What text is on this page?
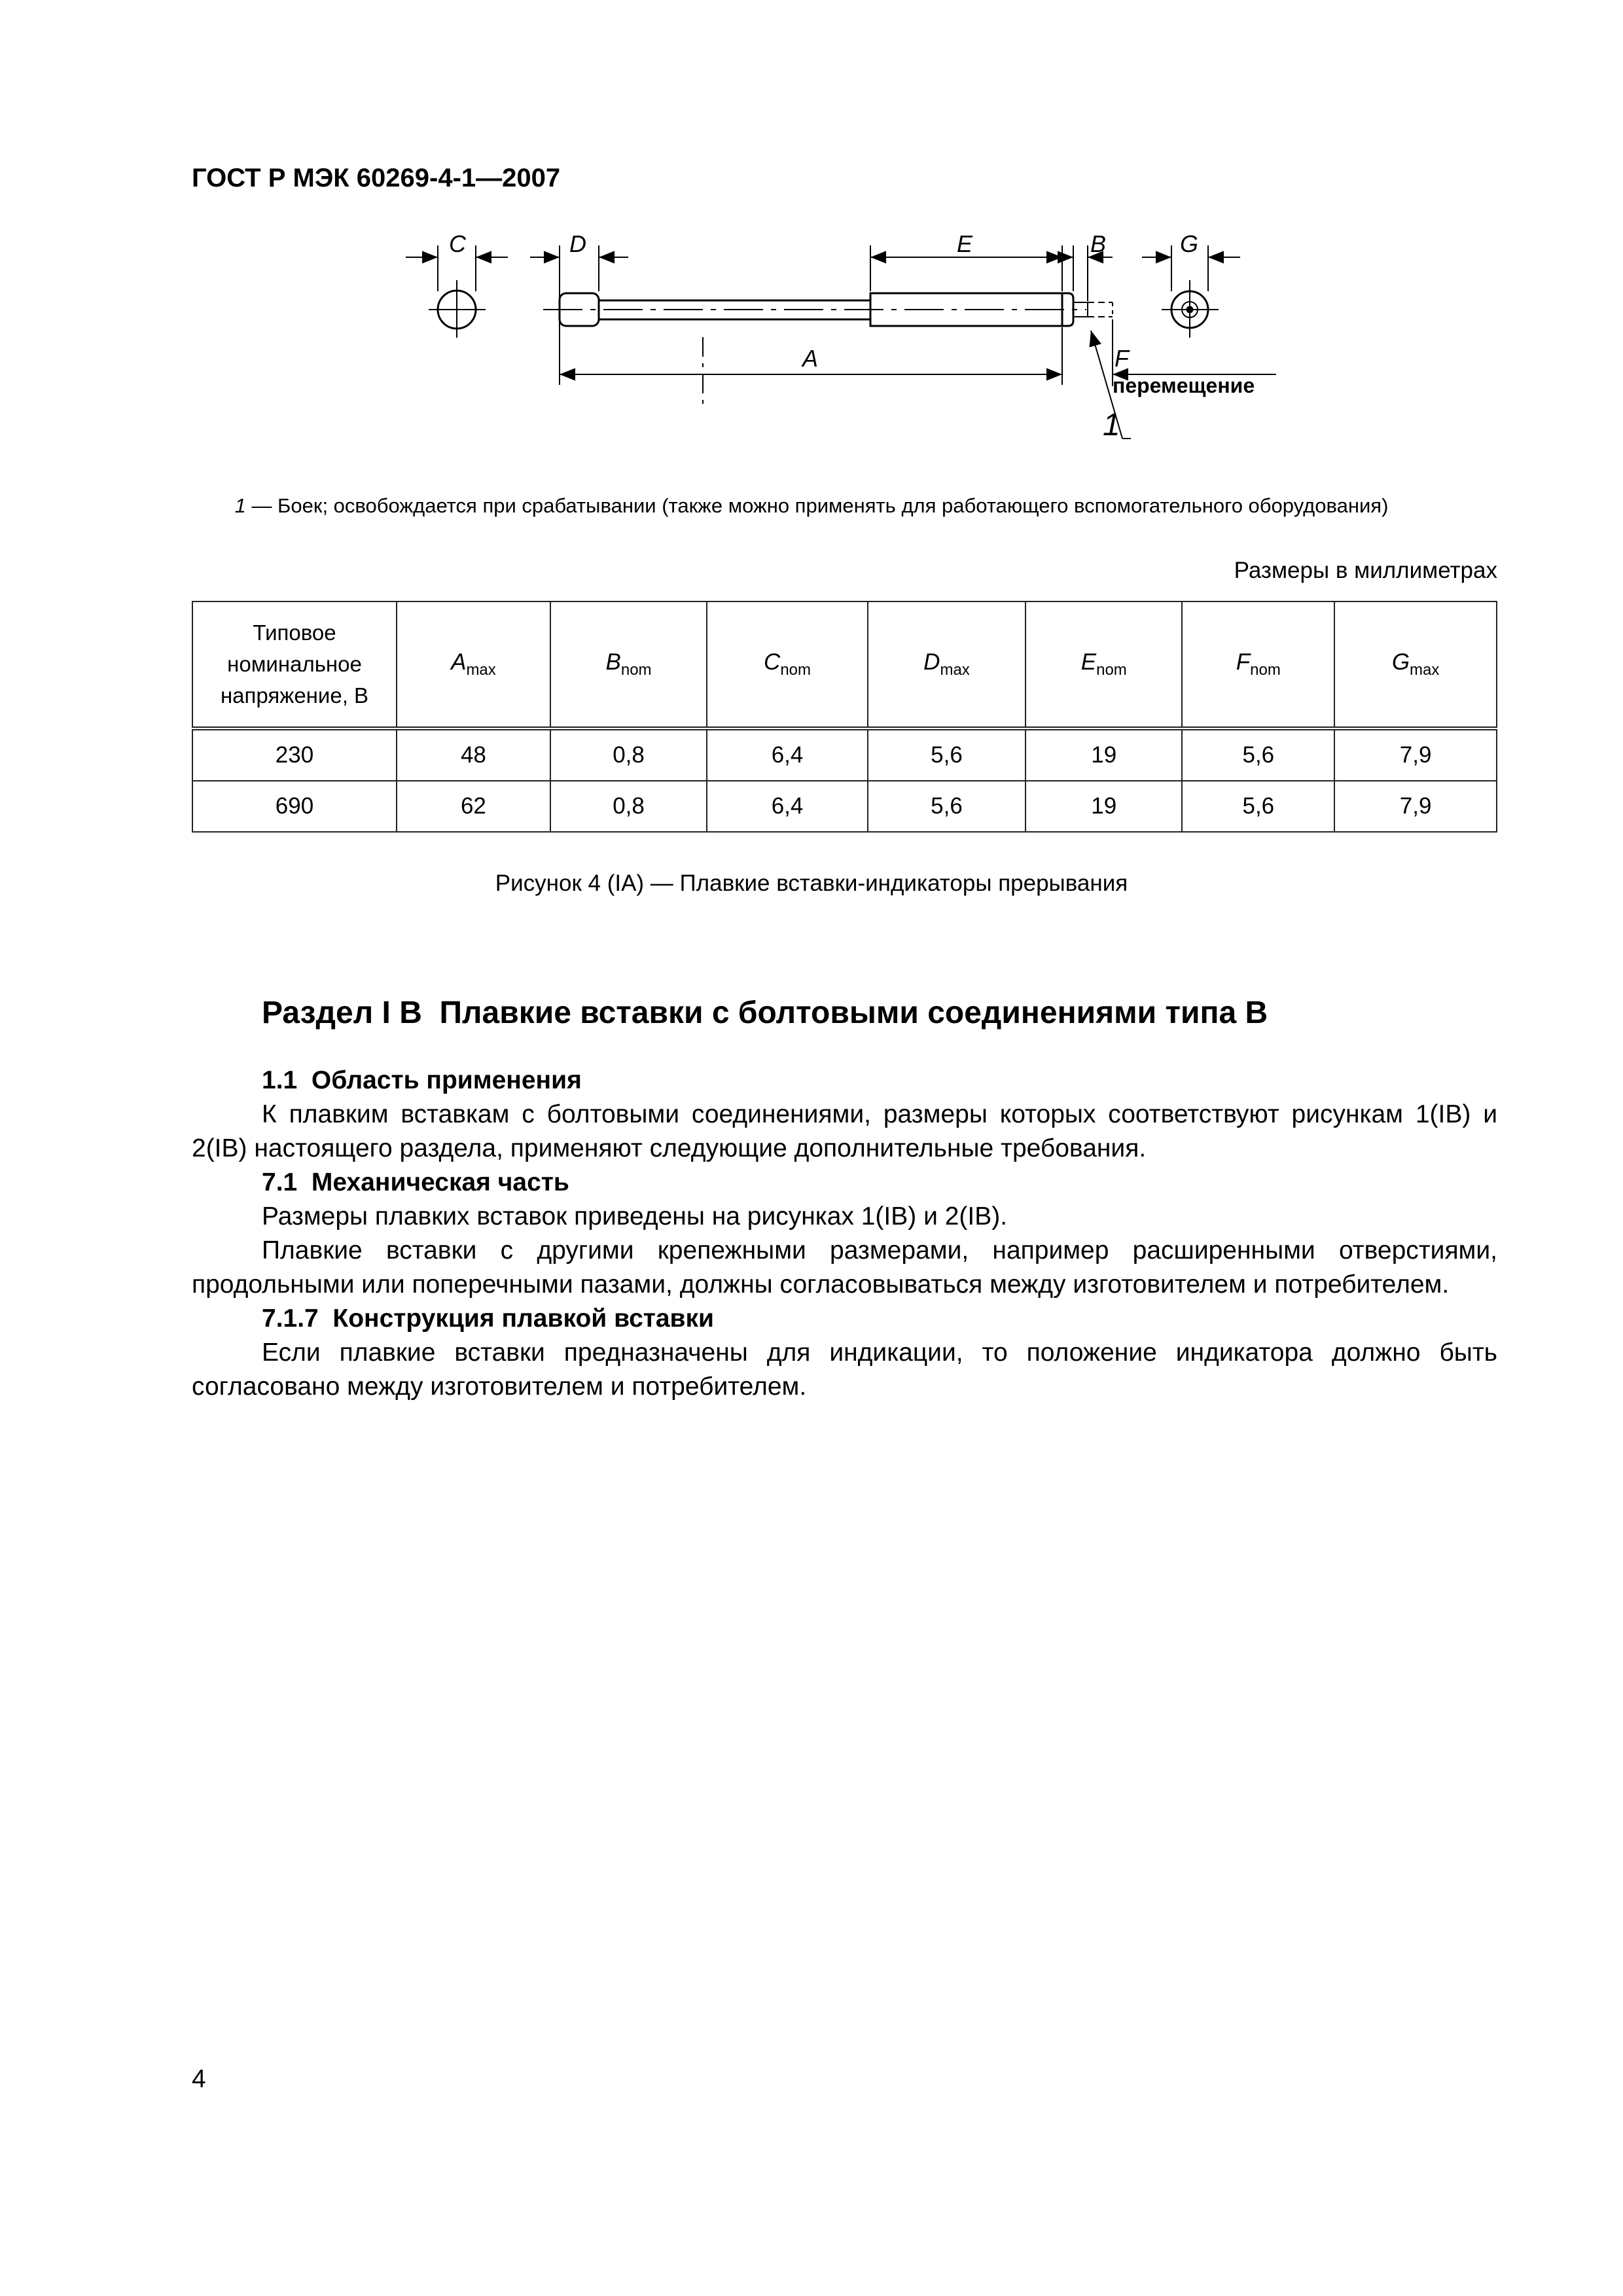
ГОСТ Р МЭК 60269-4-1—2007
C	D	E	B	G
A	F
1
перемещение
1 — Боек; освобождается при срабатывании (также можно применять для работающего вспомогательного оборудования)
Размеры в миллиметрах
Типовое номинальное напряжение, В	$A_{max}$	$B_{nom}$	$C_{nom}$	$D_{max}$	$E_{nom}$	$F_{nom}$	$G_{max}$
230	48	0,8	6,4	5,6	19	5,6	7,9
690	62	0,8	6,4	5,6	19	5,6	7,9
Рисунок 4 (IA) — Плавкие вставки-индикаторы прерывания
Раздел I B  Плавкие вставки с болтовыми соединениями типа B
1.1  Область применения
К плавким вставкам с болтовыми соединениями, размеры которых соответствуют рисункам 1(IB) и 2(IB) настоящего раздела, применяют следующие дополнительные требования.
7.1  Механическая часть
Размеры плавких вставок приведены на рисунках 1(IB) и 2(IB).
Плавкие вставки с другими крепежными размерами, например расширенными отверстиями, продольными или поперечными пазами, должны согласовываться между изготовителем и потребителем.
7.1.7  Конструкция плавкой вставки
Если плавкие вставки предназначены для индикации, то положение индикатора должно быть согласовано между изготовителем и потребителем.
4
